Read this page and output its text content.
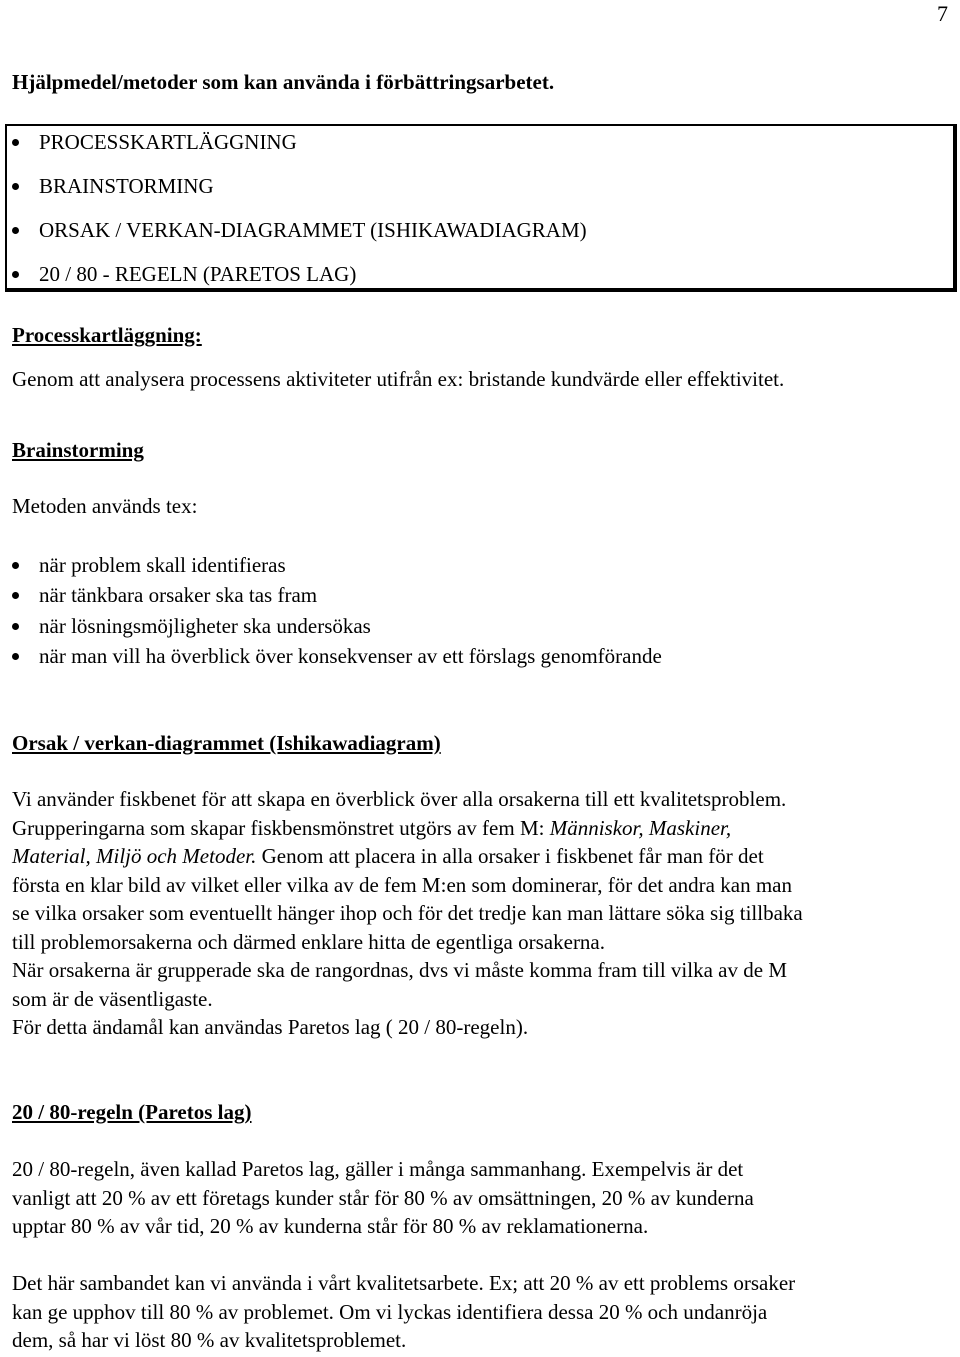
7
Hjälpmedel/metoder som kan använda i förbättringsarbetet.
PROCESSKARTLÄGGNING
BRAINSTORMING
ORSAK / VERKAN-DIAGRAMMET (ISHIKAWADIAGRAM)
20 / 80 - REGELN (PARETOS LAG)
Processkartläggning:
Genom att analysera processens aktiviteter utifrån ex: bristande kundvärde eller effektivitet.
Brainstorming
Metoden används tex:
när problem skall identifieras
när tänkbara orsaker ska tas fram
när lösningsmöjligheter ska undersökas
när man vill ha överblick över konsekvenser av ett förslags genomförande
Orsak / verkan-diagrammet (Ishikawadiagram)
Vi använder fiskbenet för att skapa en överblick över alla orsakerna till ett kvalitetsproblem.
Grupperingarna som skapar fiskbensmönstret utgörs av fem M: Människor, Maskiner,
Material, Miljö och Metoder. Genom att placera in alla orsaker i fiskbenet får man för det
första en klar bild av vilket eller vilka av de fem M:en som dominerar, för det andra kan man
se vilka orsaker som eventuellt hänger ihop och för det tredje kan man lättare söka sig tillbaka
till problemorsakerna och därmed enklare hitta de egentliga orsakerna.
När orsakerna är grupperade ska de rangordnas, dvs vi måste komma fram till vilka av de M
som är de väsentligaste.
För detta ändamål kan användas Paretos lag ( 20 / 80-regeln).
20 / 80-regeln (Paretos lag)
20 / 80-regeln, även kallad Paretos lag, gäller i många sammanhang. Exempelvis är det
vanligt att 20 % av ett företags kunder står för 80 % av omsättningen, 20 % av kunderna
upptar 80 % av vår tid, 20 % av kunderna står för 80 % av reklamationerna.
Det här sambandet kan vi använda i vårt kvalitetsarbete. Ex; att 20 % av ett problems orsaker
kan ge upphov till 80 % av problemet. Om vi lyckas identifiera dessa 20 % och undanröja
dem, så har vi löst 80 % av kvalitetsproblemet.
